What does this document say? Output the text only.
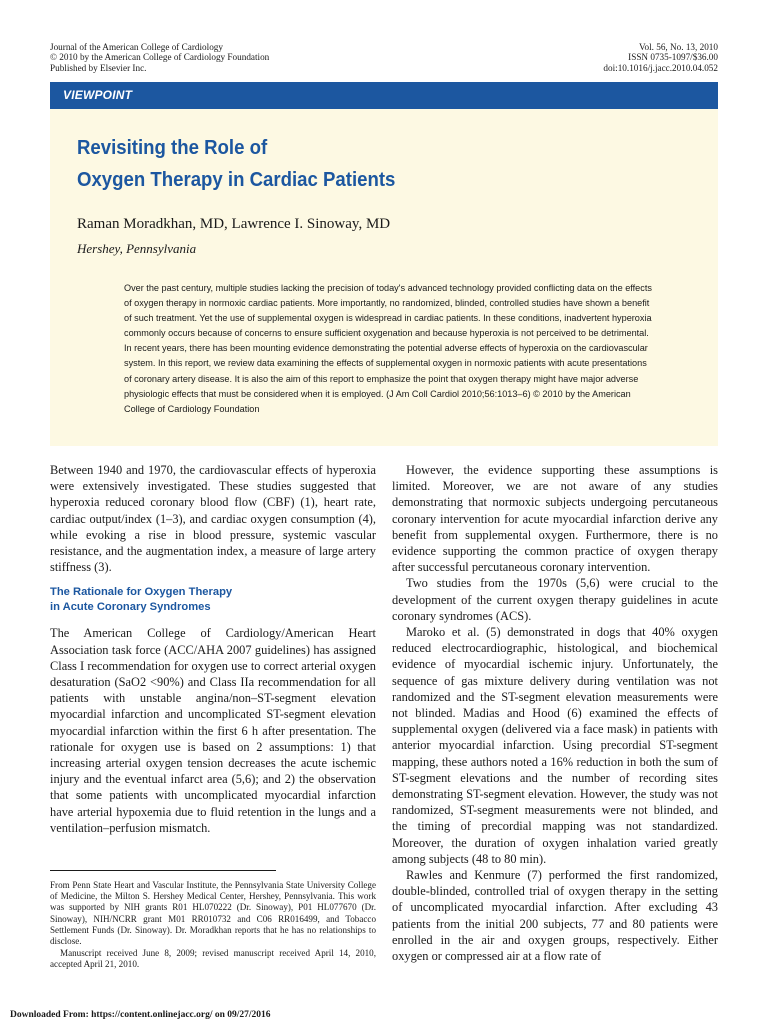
Journal of the American College of Cardiology
© 2010 by the American College of Cardiology Foundation
Published by Elsevier Inc.
Vol. 56, No. 13, 2010
ISSN 0735-1097/$36.00
doi:10.1016/j.jacc.2010.04.052
VIEWPOINT
Revisiting the Role of
Oxygen Therapy in Cardiac Patients
Raman Moradkhan, MD, Lawrence I. Sinoway, MD
Hershey, Pennsylvania

Over the past century, multiple studies lacking the precision of today's advanced technology provided conflicting data on the effects of oxygen therapy in normoxic cardiac patients. More importantly, no randomized, blinded, controlled studies have shown a benefit of such treatment. Yet the use of supplemental oxygen is widespread in cardiac patients. In these conditions, inadvertent hyperoxia commonly occurs because of concerns to ensure sufficient oxygenation and because hyperoxia is not perceived to be detrimental. In recent years, there has been mounting evidence demonstrating the potential adverse effects of hyperoxia on the cardiovascular system. In this report, we review data examining the effects of supplemental oxygen in normoxic patients with acute presentations of coronary artery disease. It is also the aim of this report to emphasize the point that oxygen therapy might have major adverse physiologic effects that must be considered when it is employed. (J Am Coll Cardiol 2010;56:1013–6) © 2010 by the American College of Cardiology Foundation

Between 1940 and 1970, the cardiovascular effects of hyperoxia were extensively investigated. These studies suggested that hyperoxia reduced coronary blood flow (CBF) (1), heart rate, cardiac output/index (1–3), and cardiac oxygen consumption (4), while evoking a rise in blood pressure, systemic vascular resistance, and the augmentation index, a measure of large artery stiffness (3).

The Rationale for Oxygen Therapy
in Acute Coronary Syndromes

The American College of Cardiology/American Heart Association task force (ACC/AHA 2007 guidelines) has assigned Class I recommendation for oxygen use to correct arterial oxygen desaturation (SaO2 <90%) and Class IIa recommendation for all patients with unstable angina/non–ST-segment elevation myocardial infarction and uncomplicated ST-segment elevation myocardial infarction within the first 6 h after presentation. The rationale for oxygen use is based on 2 assumptions: 1) that increasing arterial oxygen tension decreases the acute ischemic injury and the eventual infarct area (5,6); and 2) the observation that some patients with uncomplicated myocardial infarction have arterial hypoxemia due to fluid retention in the lungs and a ventilation–perfusion mismatch.

From Penn State Heart and Vascular Institute, the Pennsylvania State University College of Medicine, the Milton S. Hershey Medical Center, Hershey, Pennsylvania. This work was supported by NIH grants R01 HL070222 (Dr. Sinoway), P01 HL077670 (Dr. Sinoway), NIH/NCRR grant M01 RR010732 and C06 RR016499, and Tobacco Settlement Funds (Dr. Sinoway). Dr. Moradkhan reports that he has no relationships to disclose.

Manuscript received June 8, 2009; revised manuscript received April 14, 2010, accepted April 21, 2010.

However, the evidence supporting these assumptions is limited. Moreover, we are not aware of any studies demonstrating that normoxic subjects undergoing percutaneous coronary intervention for acute myocardial infarction derive any benefit from supplemental oxygen. Furthermore, there is no evidence supporting the common practice of oxygen therapy after successful percutaneous coronary intervention.

Two studies from the 1970s (5,6) were crucial to the development of the current oxygen therapy guidelines in acute coronary syndromes (ACS).

Maroko et al. (5) demonstrated in dogs that 40% oxygen reduced electrocardiographic, histological, and biochemical evidence of myocardial ischemic injury. Unfortunately, the sequence of gas mixture delivery during ventilation was not randomized and the ST-segment elevation measurements were not blinded. Madias and Hood (6) examined the effects of supplemental oxygen (delivered via a face mask) in patients with anterior myocardial infarction. Using precordial ST-segment mapping, these authors noted a 16% reduction in both the sum of ST-segment elevations and the number of recording sites demonstrating ST-segment elevation. However, the study was not randomized, ST-segment measurements were not blinded, and the timing of precordial mapping was not standardized. Moreover, the duration of oxygen inhalation varied greatly among subjects (48 to 80 min).

Rawles and Kenmure (7) performed the first randomized, double-blinded, controlled trial of oxygen therapy in the setting of uncomplicated myocardial infarction. After excluding 43 patients from the initial 200 subjects, 77 and 80 patients were enrolled in the air and oxygen groups, respectively. Either oxygen or compressed air at a flow rate of

Downloaded From: https://content.onlinejacc.org/ on 09/27/2016
